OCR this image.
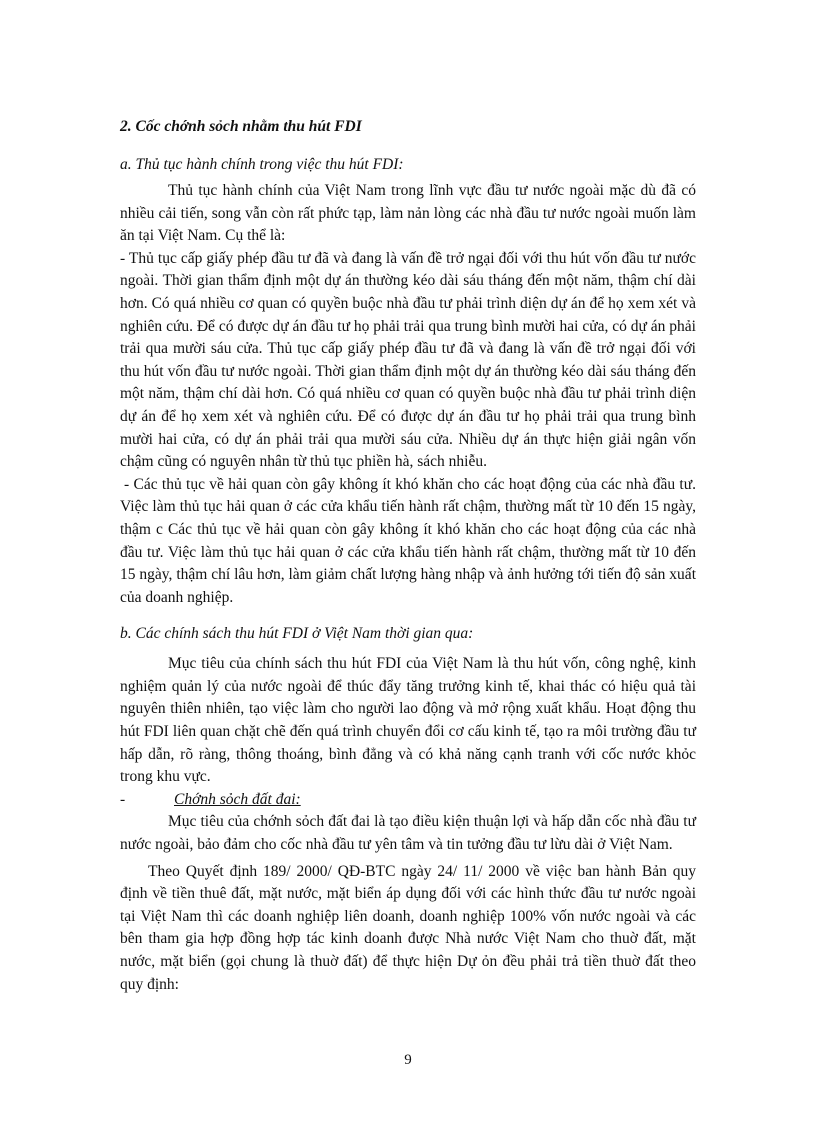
2. Cốc chớnh sỏch nhằm thu hút FDI

a. Thủ tục hành chính trong việc thu hút FDI:

Thủ tục hành chính của Việt Nam trong lĩnh vực đầu tư nước ngoài mặc dù đã có nhiều cải tiến, song vẫn còn rất phức tạp, làm nản lòng các nhà đầu tư nước ngoài muốn làm ăn tại Việt Nam. Cụ thể là:

- Thủ tục cấp giấy phép đầu tư đã và đang là vấn đề trở ngại đối với thu hút vốn đầu tư nước ngoài. Thời gian thẩm định một dự án thường kéo dài sáu tháng đến một năm, thậm chí dài hơn. Có quá nhiều cơ quan có quyền buộc nhà đầu tư phải trình diện dự án để họ xem xét và nghiên cứu. Để có được dự án đầu tư họ phải trải qua trung bình mười hai cửa, có dự án phải trải qua mười sáu cửa. Thủ tục cấp giấy phép đầu tư đã và đang là vấn đề trở ngại đối với thu hút vốn đầu tư nước ngoài. Thời gian thẩm định một dự án thường kéo dài sáu tháng đến một năm, thậm chí dài hơn. Có quá nhiều cơ quan có quyền buộc nhà đầu tư phải trình diện dự án để họ xem xét và nghiên cứu. Để có được dự án đầu tư họ phải trải qua trung bình mười hai cửa, có dự án phải trải qua mười sáu cửa. Nhiều dự án thực hiện giải ngân vốn chậm cũng có nguyên nhân từ thủ tục phiền hà, sách nhiễu.

- Các thủ tục về hải quan còn gây không ít khó khăn cho các hoạt động của các nhà đầu tư. Việc làm thủ tục hải quan ở các cửa khẩu tiến hành rất chậm, thường mất từ 10 đến 15 ngày, thậm c Các thủ tục về hải quan còn gây không ít khó khăn cho các hoạt động của các nhà đầu tư. Việc làm thủ tục hải quan ở các cửa khẩu tiến hành rất chậm, thường mất từ 10 đến 15 ngày, thậm chí lâu hơn, làm giảm chất lượng hàng nhập và ảnh hưởng tới tiến độ sản xuất của doanh nghiệp.

b. Các chính sách thu hút FDI ở Việt Nam thời gian qua:

Mục tiêu của chính sách thu hút FDI của Việt Nam là thu hút vốn, công nghệ, kinh nghiệm quản lý của nước ngoài để thúc đẩy tăng trưởng kinh tế, khai thác có hiệu quả tài nguyên thiên nhiên, tạo việc làm cho người lao động và mở rộng xuất khẩu. Hoạt động thu hút FDI liên quan chặt chẽ đến quá trình chuyển đổi cơ cấu kinh tế, tạo ra môi trường đầu tư hấp dẫn, rõ ràng, thông thoáng, bình đẳng và có khả năng cạnh tranh với cốc nước khỏc trong khu vực.

-	Chớnh sỏch đất đai:

Mục tiêu của chớnh sỏch đất đai là tạo điều kiện thuận lợi và hấp dẫn cốc nhà đầu tư nước ngoài, bảo đảm cho cốc nhà đầu tư yên tâm và tin tưởng đầu tư lừu dài ở Việt Nam.

Theo Quyết định 189/ 2000/ QĐ-BTC ngày 24/ 11/ 2000 về việc ban hành Bản quy định về tiền thuê đất, mặt nước, mặt biển áp dụng đối với các hình thức đầu tư nước ngoài tại Việt Nam thì các doanh nghiệp liên doanh, doanh nghiệp 100% vốn nước ngoài và các bên tham gia hợp đồng hợp tác kinh doanh được Nhà nước Việt Nam cho thuờ đất, mặt nước, mặt biển (gọi chung là thuờ đất) để thực hiện Dự ỏn đều phải trả tiền thuờ đất theo quy định:

9
